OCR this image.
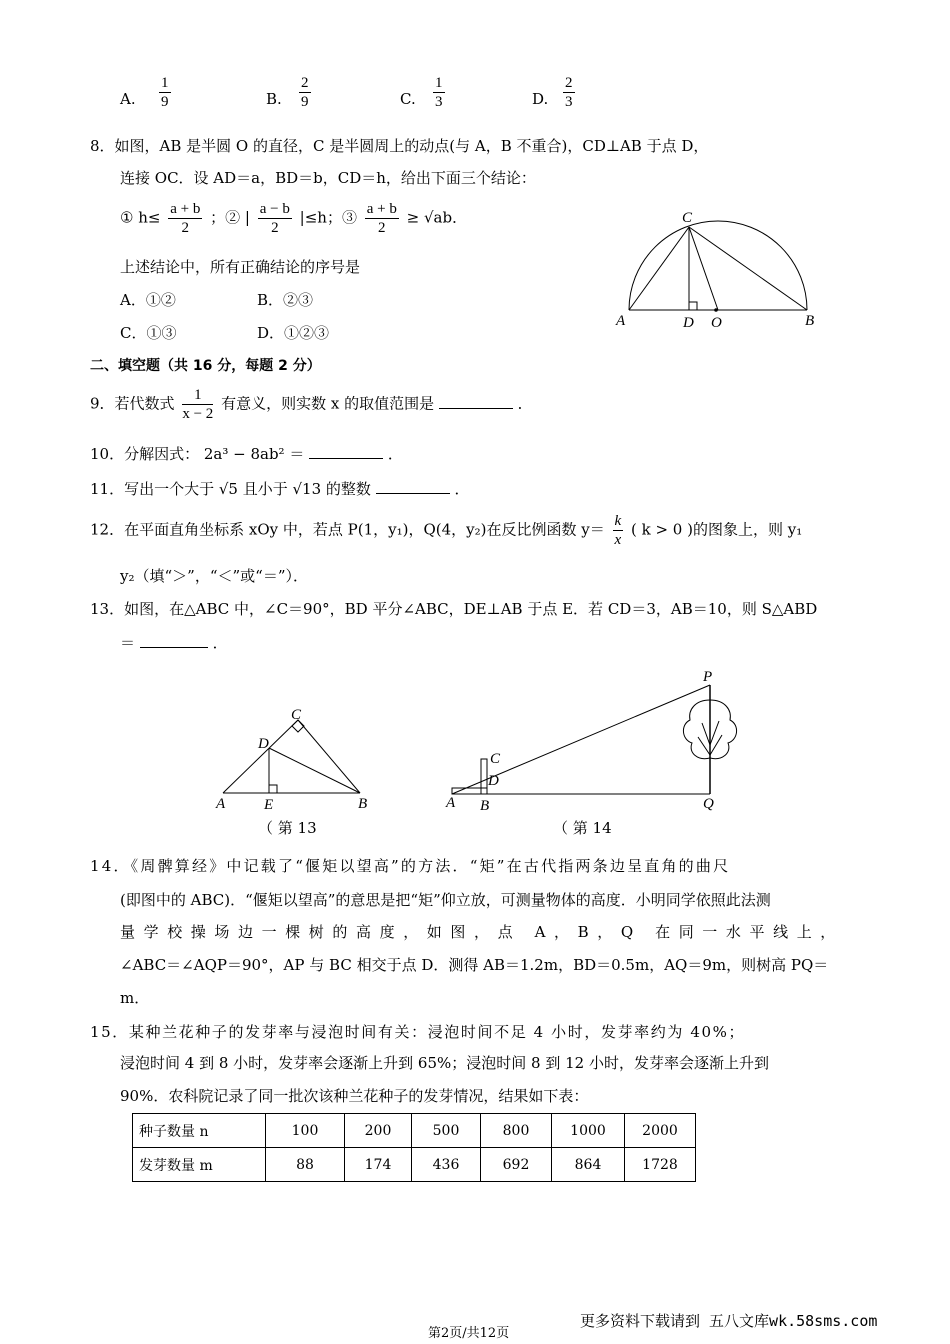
A. $\frac{1}{9}$	B. $\frac{2}{9}$	C. $\frac{1}{3}$	D. $\frac{2}{3}$
8．如图，AB 是半圆 O 的直径，C 是半圆周上的动点(与 A，B 不重合)，CD⊥AB 于点 D，
连接 OC．设 AD＝a，BD＝b，CD＝h，给出下面三个结论：
① $h\le \frac{a + b}{2}$ ；② | $\frac{a - b}{2} |\le h$；③ $\frac{a + b}{2} \ge √ab$．
上述结论中，所有正确结论的序号是
A．①②	B．②③
C．①③	D．①②③
C
A	D O	B
二、填空题（共 16 分，每题 2 分）
9．若代数式 $\frac{1}{x - 2}$ 有意义，则实数 x 的取值范围是	．
10．分解因式： 2a³ − 8ab² ＝	．
11．写出一个大于 √5 且小于 √13 的整数	．
12．在平面直角坐标系 xOy 中，若点 P(1，y₁)，Q(4，y₂)在反比例函数 $y= \frac{k}{x}$ ( k > 0 )的图象上，则 y₁
y₂（填“＞”，“＜”或“＝”）．
13．如图，在△ABC 中，∠C＝90°，BD 平分∠ABC，DE⊥AB 于点 E．若 CD＝3，AB＝10，则 S△ABD
＝	．
C
D
A	E	B
（ 第 13
P
C
D
A B	Q
（ 第 14
14．《周髀算经》中记载了“偃矩以望高”的方法．“矩”在古代指两条边呈直角的曲尺
(即图中的 ABC)．“偃矩以望高”的意思是把“矩”仰立放，可测量物体的高度．小明同学依照此法测
量学校操场边一棵树的高度，如图，点 A，B，Q 在同一水平线上，
∠ABC＝∠AQP＝90°，AP 与 BC 相交于点 D．测得 AB＝1.2m，BD＝0.5m，AQ＝9m，则树高 PQ＝
m．
15．某种兰花种子的发芽率与浸泡时间有关：浸泡时间不足 4 小时，发芽率约为 40%；
浸泡时间 4 到 8 小时，发芽率会逐渐上升到 65%；浸泡时间 8 到 12 小时，发芽率会逐渐上升到
90%．农科院记录了同一批次该种兰花种子的发芽情况，结果如下表：
种子数量 n	100	200	500	800	1000	2000
发芽数量 m	88	174	436	692	864	1728
第2页/共12页
更多资料下载请到 五八文库wk.58sms.com
